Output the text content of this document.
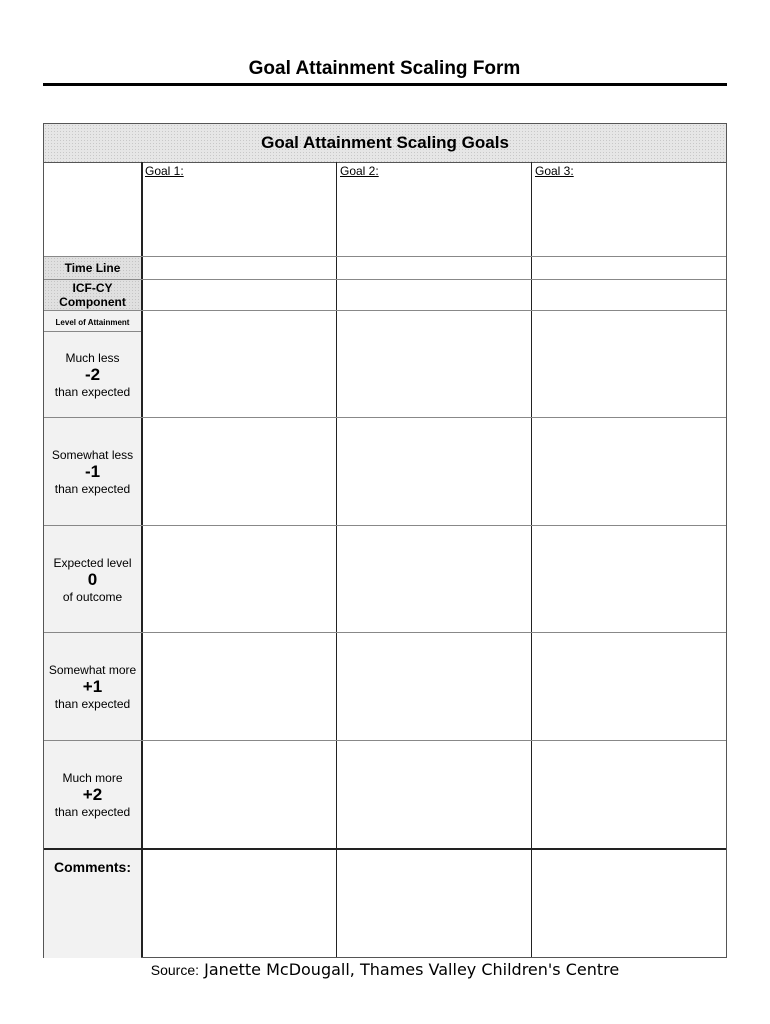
Goal Attainment Scaling Form
Goal Attainment Scaling Goals
Goal 1:	Goal 2:	Goal 3:
Time Line
ICF-CY
Component
Level of Attainment
Much less
-2
than expected
Somewhat less
-1
than expected
Expected level
0
of outcome
Somewhat more
+1
than expected
Much more
+2
than expected
Comments:
Source: Janette McDougall, Thames Valley Children's Centre
